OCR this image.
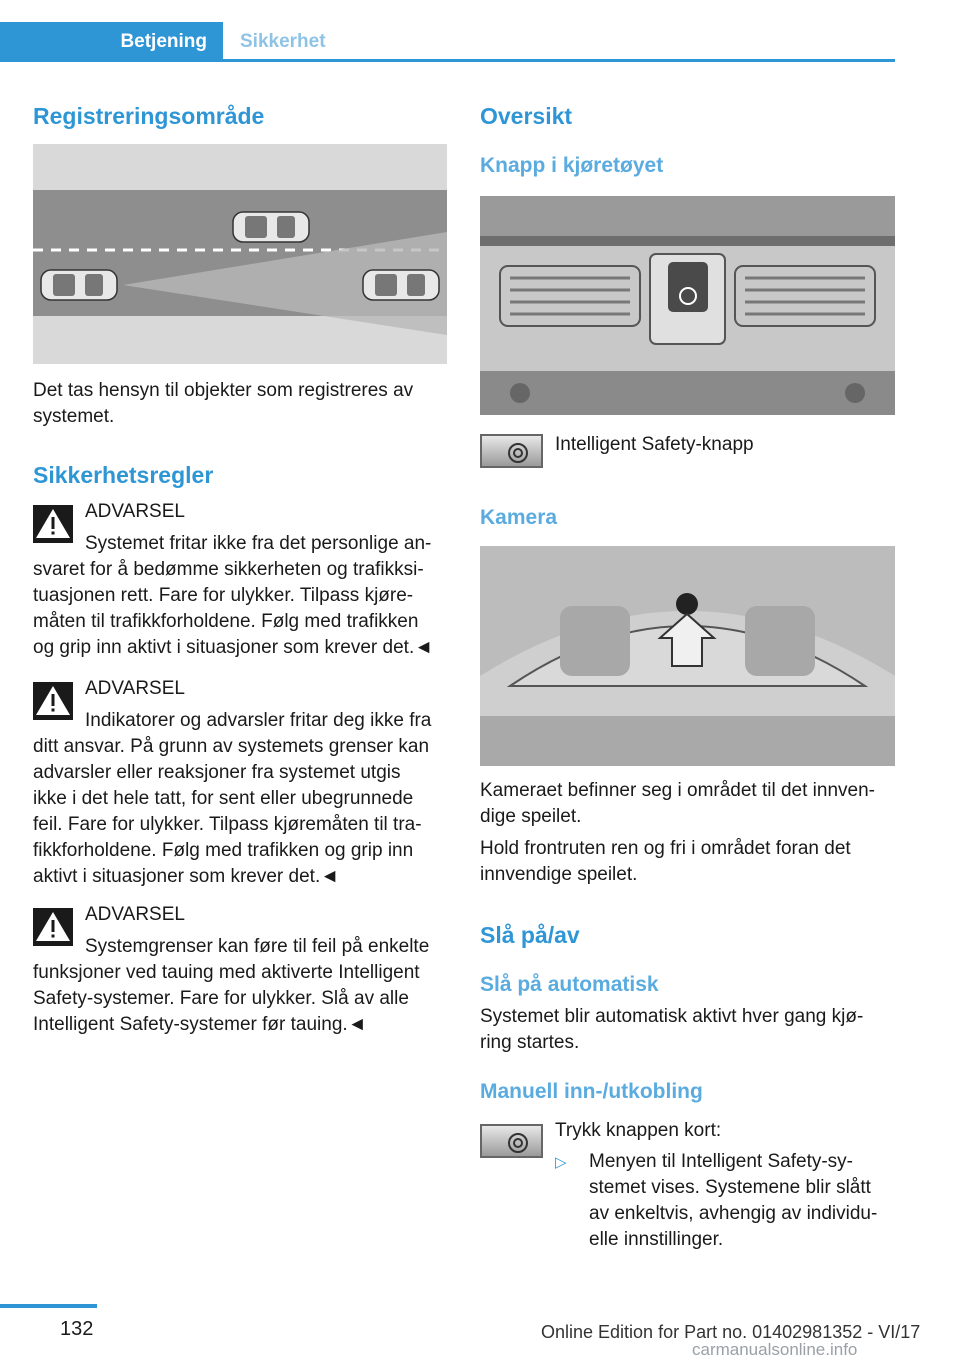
Betjening	Sikkerhet
Registreringsområde
Det tas hensyn til objekter som registreres av
systemet.
Sikkerhetsregler
ADVARSEL
Systemet fritar ikke fra det personlige an-
svaret for å bedømme sikkerheten og trafikksi-
tuasjonen rett. Fare for ulykker. Tilpass kjøre-
måten til trafikkforholdene. Følg med trafikken
og grip inn aktivt i situasjoner som krever det.◄
ADVARSEL
Indikatorer og advarsler fritar deg ikke fra
ditt ansvar. På grunn av systemets grenser kan
advarsler eller reaksjoner fra systemet utgis
ikke i det hele tatt, for sent eller ubegrunnede
feil. Fare for ulykker. Tilpass kjøremåten til tra-
fikkforholdene. Følg med trafikken og grip inn
aktivt i situasjoner som krever det.◄
ADVARSEL
Systemgrenser kan føre til feil på enkelte
funksjoner ved tauing med aktiverte Intelligent
Safety-systemer. Fare for ulykker. Slå av alle
Intelligent Safety-systemer før tauing.◄
Oversikt
Knapp i kjøretøyet
Intelligent Safety-knapp
Kamera
Kameraet befinner seg i området til det innven-
dige speilet.
Hold frontruten ren og fri i området foran det
innvendige speilet.
Slå på/av
Slå på automatisk
Systemet blir automatisk aktivt hver gang kjø-
ring startes.
Manuell inn-/utkobling
Trykk knappen kort:
▷ Menyen til Intelligent Safety-sy-
stemet vises. Systemene blir slått
av enkeltvis, avhengig av individu-
elle innstillinger.
132	Online Edition for Part no. 01402981352 - VI/17
carmanualsonline.info
